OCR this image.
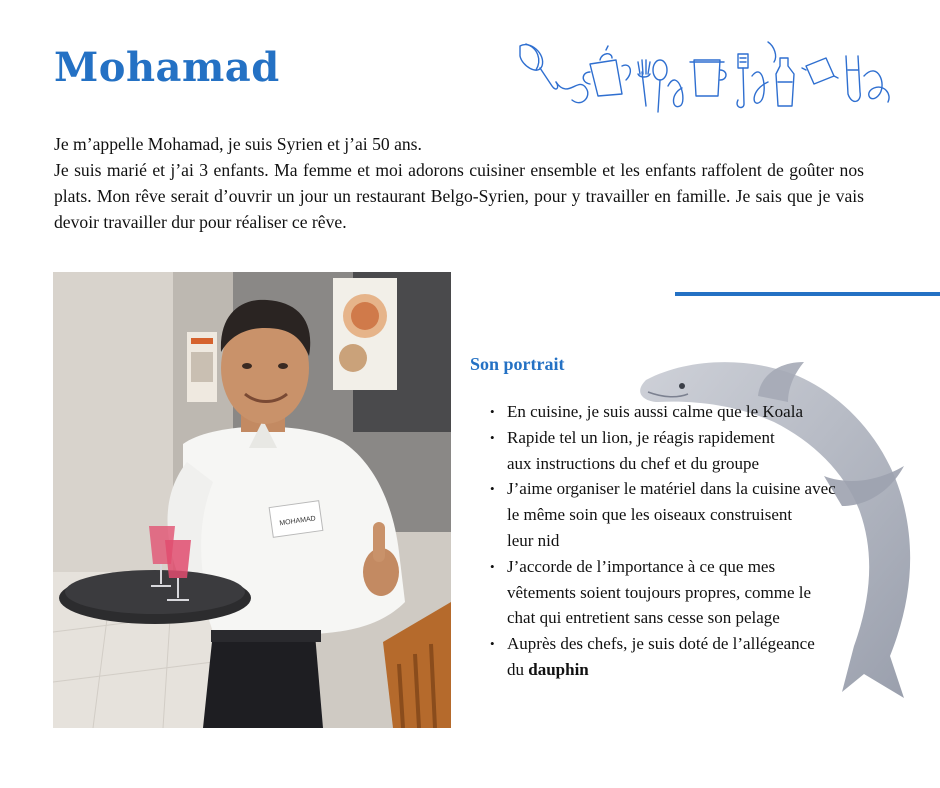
Mohamad

Je m’appelle Mohamad, je suis Syrien et j’ai 50 ans.

Je suis marié et j’ai 3 enfants. Ma femme et moi adorons cuisiner ensemble et les enfants raffolent de goûter nos plats. Mon rêve serait d’ouvrir un jour un restaurant Belgo-Syrien, pour y travailler en famille. Je sais que je vais devoir travailler dur pour réaliser ce rêve.

MOHAMAD
Son portrait
• En cuisine, je suis aussi calme que le Koala
• Rapide tel un lion, je réagis rapidement
aux instructions du chef et du groupe
• J’aime organiser le matériel dans la cuisine avec
le même soin que les oiseaux construisent
leur nid
• J’accorde de l’importance à ce que mes
vêtements soient toujours propres, comme le
chat qui entretient sans cesse son pelage
• Auprès des chefs, je suis doté de l’allégeance
du dauphin
